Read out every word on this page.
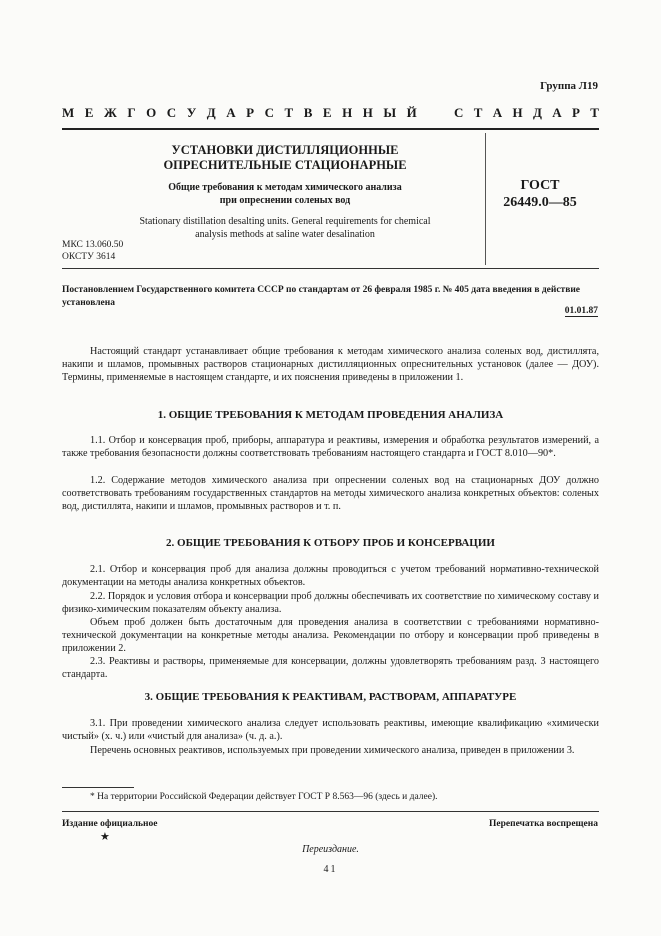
Группа Л19
М Е Ж Г О С У Д А Р С Т В Е Н Н Ы Й	С Т А Н Д А Р Т
УСТАНОВКИ ДИСТИЛЛЯЦИОННЫЕ
ОПРЕСНИТЕЛЬНЫЕ СТАЦИОНАРНЫЕ
Общие требования к методам химического анализа
при опреснении соленых вод
Stationary distillation desalting units. General requirements for chemical
analysis methods at saline water desalination
ГОСТ
26449.0—85
МКС 13.060.50
ОКСТУ 3614
Постановлением Государственного комитета СССР по стандартам от 26 февраля 1985 г. № 405 дата введения в действие установлена
01.01.87
Настоящий стандарт устанавливает общие требования к методам химического анализа соленых вод, дистиллята, накипи и шламов, промывных растворов стационарных дистилляционных опреснительных установок (далее — ДОУ). Термины, применяемые в настоящем стандарте, и их пояснения приведены в приложении 1.
1. ОБЩИЕ ТРЕБОВАНИЯ К МЕТОДАМ ПРОВЕДЕНИЯ АНАЛИЗА
1.1. Отбор и консервация проб, приборы, аппаратура и реактивы, измерения и обработка результатов измерений, а также требования безопасности должны соответствовать требованиям настоящего стандарта и ГОСТ 8.010—90*.
1.2. Содержание методов химического анализа при опреснении соленых вод на стационарных ДОУ должно соответствовать требованиям государственных стандартов на методы химического анализа конкретных объектов: соленых вод, дистиллята, накипи и шламов, промывных растворов и т. п.
2. ОБЩИЕ ТРЕБОВАНИЯ К ОТБОРУ ПРОБ И КОНСЕРВАЦИИ
2.1. Отбор и консервация проб для анализа должны проводиться с учетом требований нормативно-технической документации на методы анализа конкретных объектов.
2.2. Порядок и условия отбора и консервации проб должны обеспечивать их соответствие по химическому составу и физико-химическим показателям объекту анализа.
Объем проб должен быть достаточным для проведения анализа в соответствии с требованиями нормативно-технической документации на конкретные методы анализа. Рекомендации по отбору и консервации проб приведены в приложении 2.
2.3. Реактивы и растворы, применяемые для консервации, должны удовлетворять требованиям разд. 3 настоящего стандарта.
3. ОБЩИЕ ТРЕБОВАНИЯ К РЕАКТИВАМ, РАСТВОРАМ, АППАРАТУРЕ
3.1. При проведении химического анализа следует использовать реактивы, имеющие квалификацию «химически чистый» (х. ч.) или «чистый для анализа» (ч. д. а.).
Перечень основных реактивов, используемых при проведении химического анализа, приведен в приложении 3.
* На территории Российской Федерации действует ГОСТ Р 8.563—96 (здесь и далее).
Издание официальное	Перепечатка воспрещена
★
Переиздание.
41
